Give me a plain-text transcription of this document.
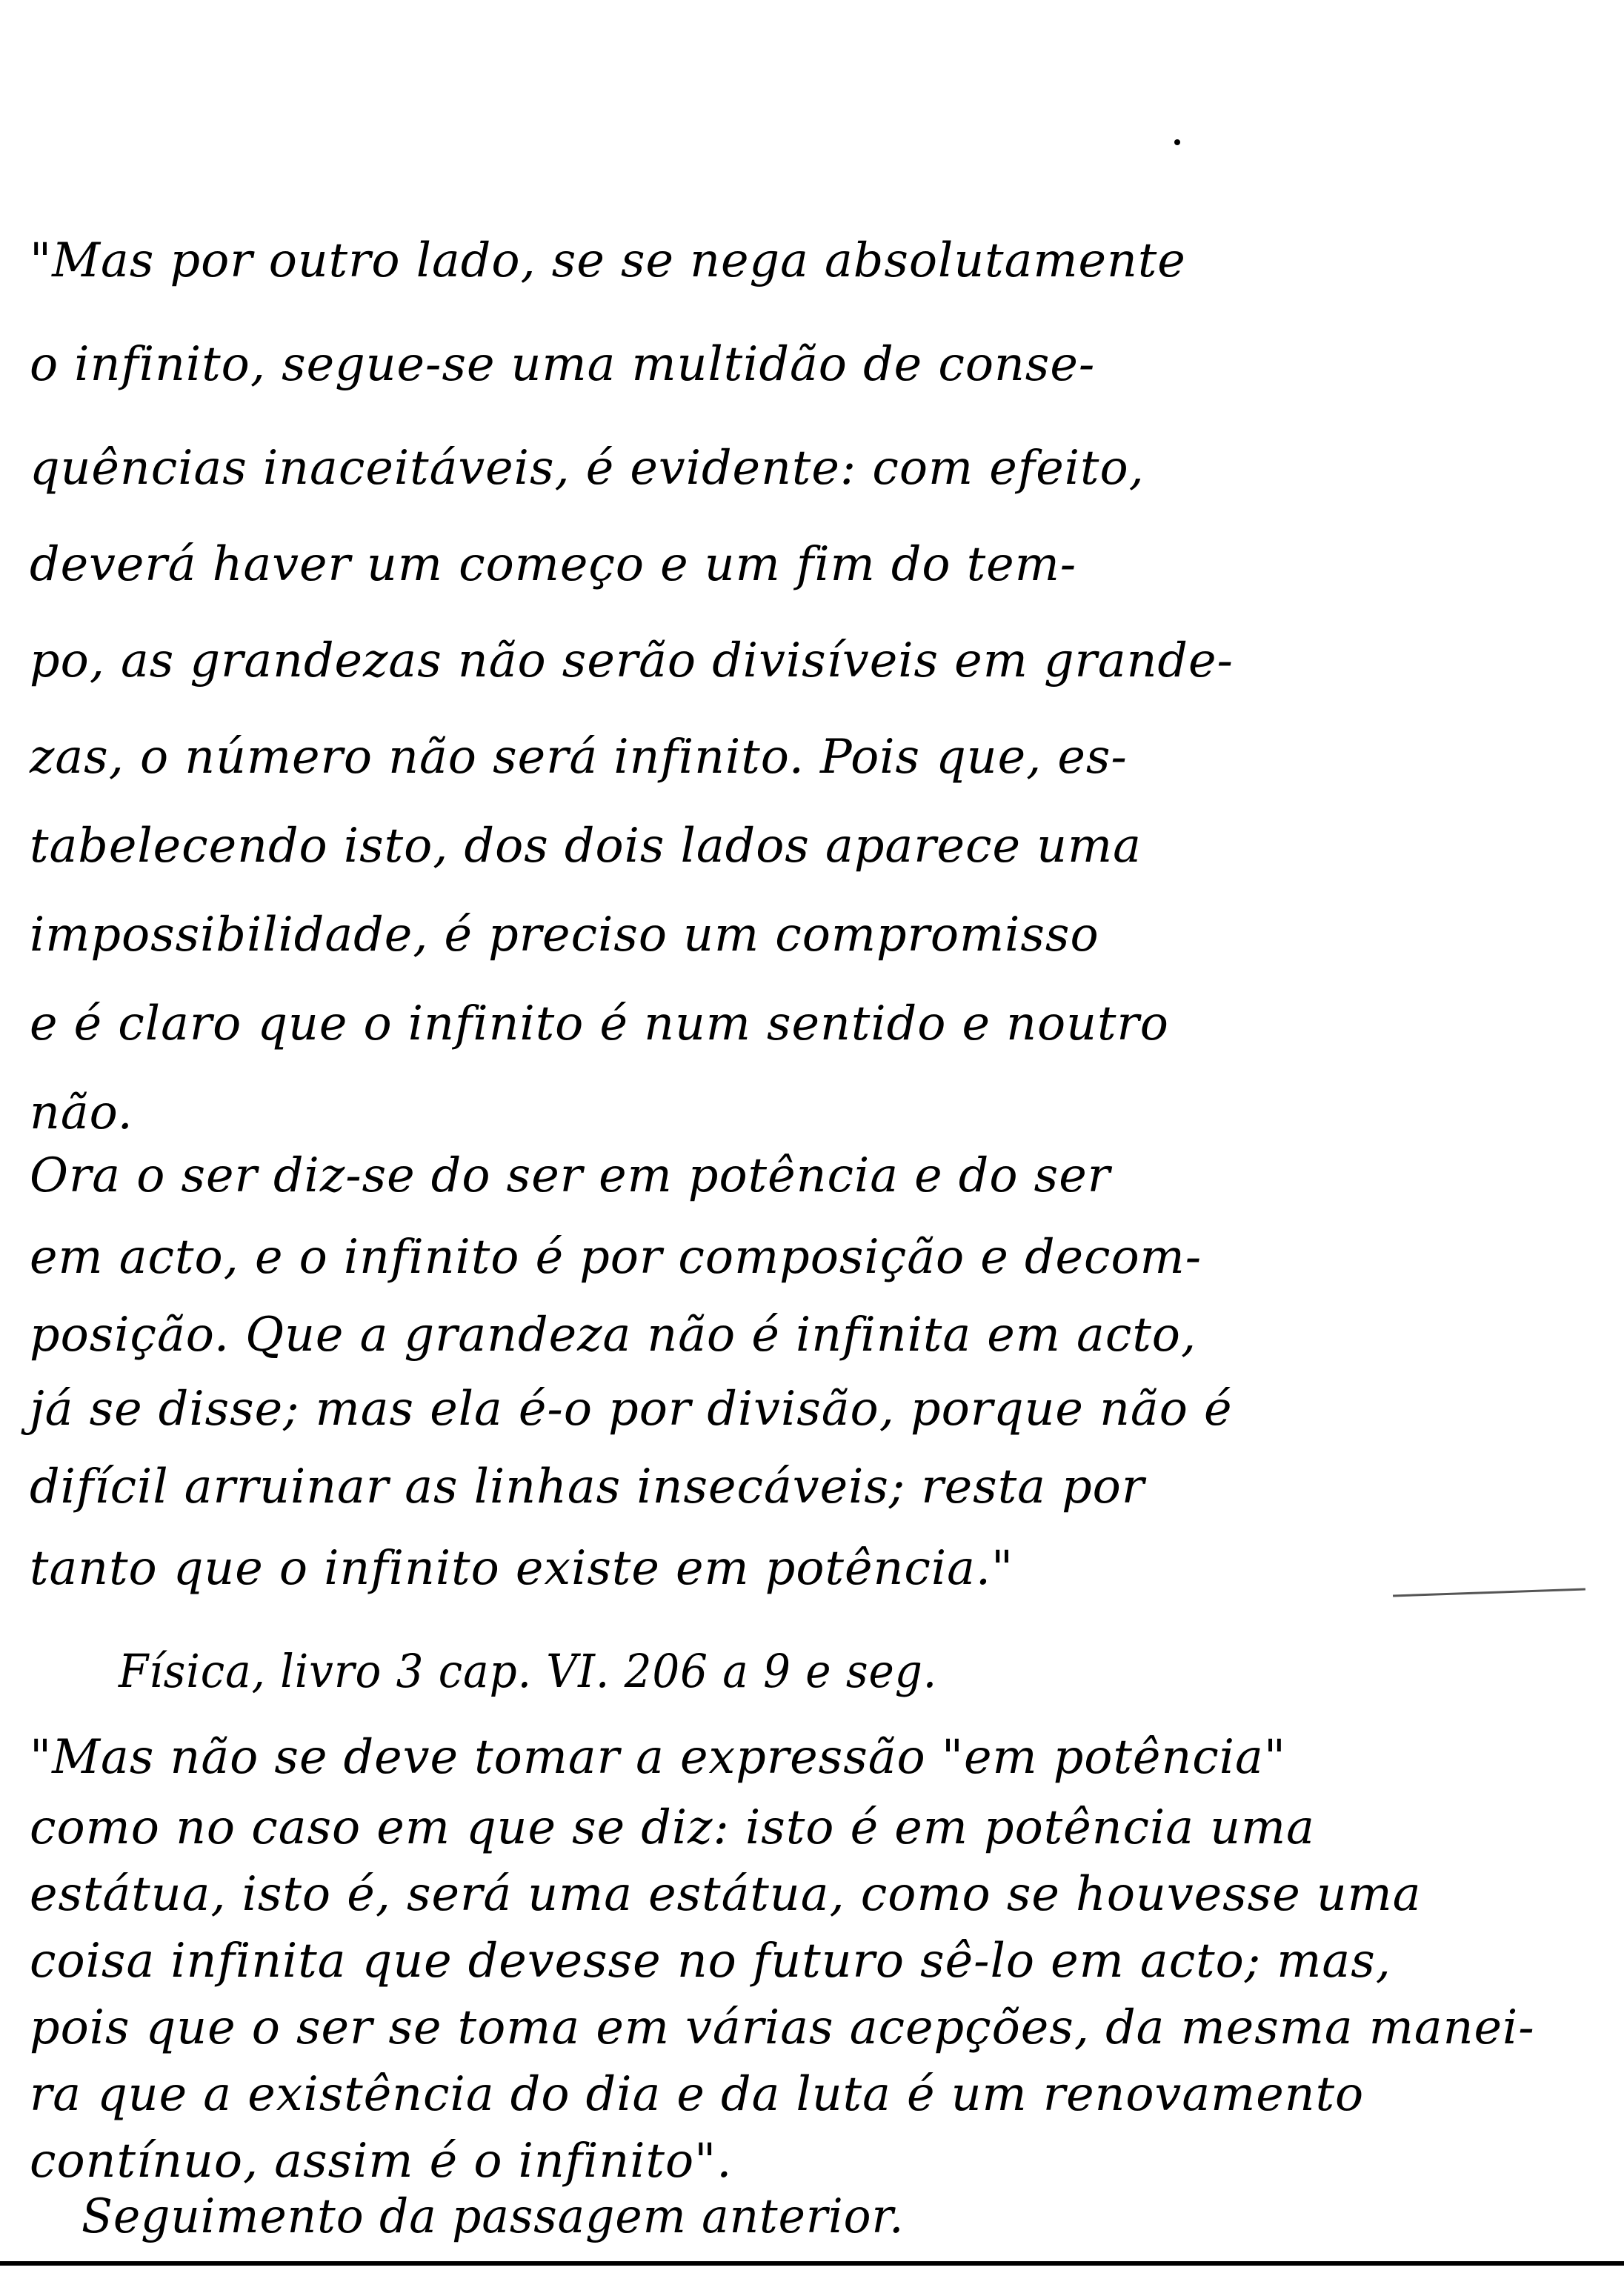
"Mas por outro lado, se se nega absolutamente
o infinito, segue-se uma multidão de conse-
quências inaceitáveis, é evidente: com efeito,
deverá haver um começo e um fim do tem-
po, as grandezas não serão divisíveis em grande-
zas, o número não será infinito. Pois que, es-
tabelecendo isto, dos dois lados aparece uma
impossibilidade, é preciso um compromisso
e é claro que o infinito é num sentido e noutro
não.
Ora o ser diz-se do ser em potência e do ser
em acto, e o infinito é por composição e decom-
posição. Que a grandeza não é infinita em acto,
já se disse; mas ela é-o por divisão, porque não é
difícil arruinar as linhas insecáveis; resta por
tanto que o infinito existe em potência."
Física, livro 3 cap. VI. 206 a 9 e seg.
"Mas não se deve tomar a expressão "em potência"
como no caso em que se diz: isto é em potência uma
estátua, isto é, será uma estátua, como se houvesse uma
coisa infinita que devesse no futuro sê-lo em acto; mas,
pois que o ser se toma em várias acepções, da mesma manei-
ra que a existência do dia e da luta é um renovamento
contínuo, assim é o infinito".
Seguimento da passagem anterior.
